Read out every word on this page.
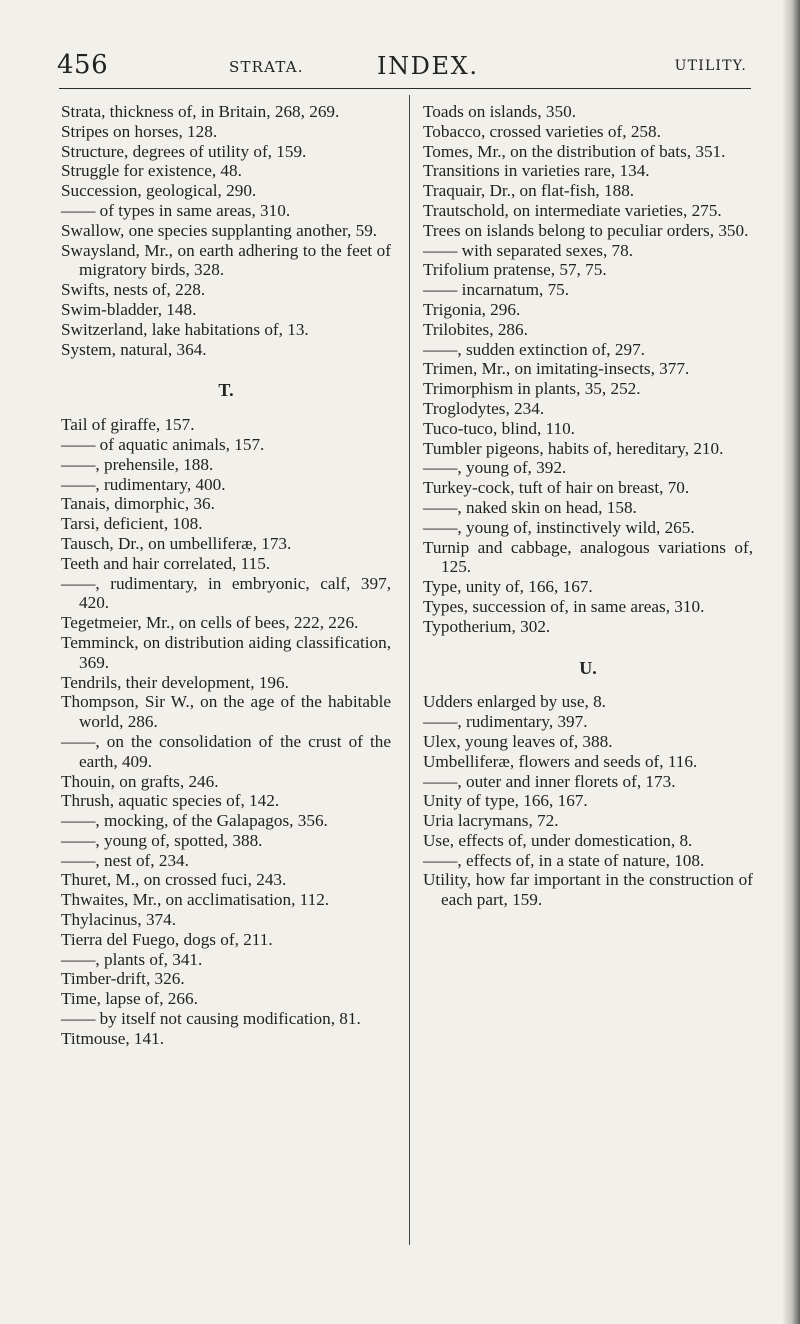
456	STRATA.	INDEX.	UTILITY.
Strata, thickness of, in Britain, 268, 269.
Stripes on horses, 128.
Structure, degrees of utility of, 159.
Struggle for existence, 48.
Succession, geological, 290.
—— of types in same areas, 310.
Swallow, one species supplanting another, 59.
Swaysland, Mr., on earth adhering to the feet of migratory birds, 328.
Swifts, nests of, 228.
Swim-bladder, 148.
Switzerland, lake habitations of, 13.
System, natural, 364.
T.
Tail of giraffe, 157.
—— of aquatic animals, 157.
——, prehensile, 188.
——, rudimentary, 400.
Tanais, dimorphic, 36.
Tarsi, deficient, 108.
Tausch, Dr., on umbelliferæ, 173.
Teeth and hair correlated, 115.
——, rudimentary, in embryonic, calf, 397, 420.
Tegetmeier, Mr., on cells of bees, 222, 226.
Temminck, on distribution aiding classification, 369.
Tendrils, their development, 196.
Thompson, Sir W., on the age of the habitable world, 286.
——, on the consolidation of the crust of the earth, 409.
Thouin, on grafts, 246.
Thrush, aquatic species of, 142.
——, mocking, of the Galapagos, 356.
——, young of, spotted, 388.
——, nest of, 234.
Thuret, M., on crossed fuci, 243.
Thwaites, Mr., on acclimatisation, 112.
Thylacinus, 374.
Tierra del Fuego, dogs of, 211.
——, plants of, 341.
Timber-drift, 326.
Time, lapse of, 266.
—— by itself not causing modification, 81.
Titmouse, 141.
Toads on islands, 350.
Tobacco, crossed varieties of, 258.
Tomes, Mr., on the distribution of bats, 351.
Transitions in varieties rare, 134.
Traquair, Dr., on flat-fish, 188.
Trautschold, on intermediate varieties, 275.
Trees on islands belong to peculiar orders, 350.
—— with separated sexes, 78.
Trifolium pratense, 57, 75.
—— incarnatum, 75.
Trigonia, 296.
Trilobites, 286.
——, sudden extinction of, 297.
Trimen, Mr., on imitating-insects, 377.
Trimorphism in plants, 35, 252.
Troglodytes, 234.
Tuco-tuco, blind, 110.
Tumbler pigeons, habits of, hereditary, 210.
——, young of, 392.
Turkey-cock, tuft of hair on breast, 70.
——, naked skin on head, 158.
——, young of, instinctively wild, 265.
Turnip and cabbage, analogous variations of, 125.
Type, unity of, 166, 167.
Types, succession of, in same areas, 310.
Typotherium, 302.
U.
Udders enlarged by use, 8.
——, rudimentary, 397.
Ulex, young leaves of, 388.
Umbelliferæ, flowers and seeds of, 116.
——, outer and inner florets of, 173.
Unity of type, 166, 167.
Uria lacrymans, 72.
Use, effects of, under domestication, 8.
——, effects of, in a state of nature, 108.
Utility, how far important in the construction of each part, 159.
